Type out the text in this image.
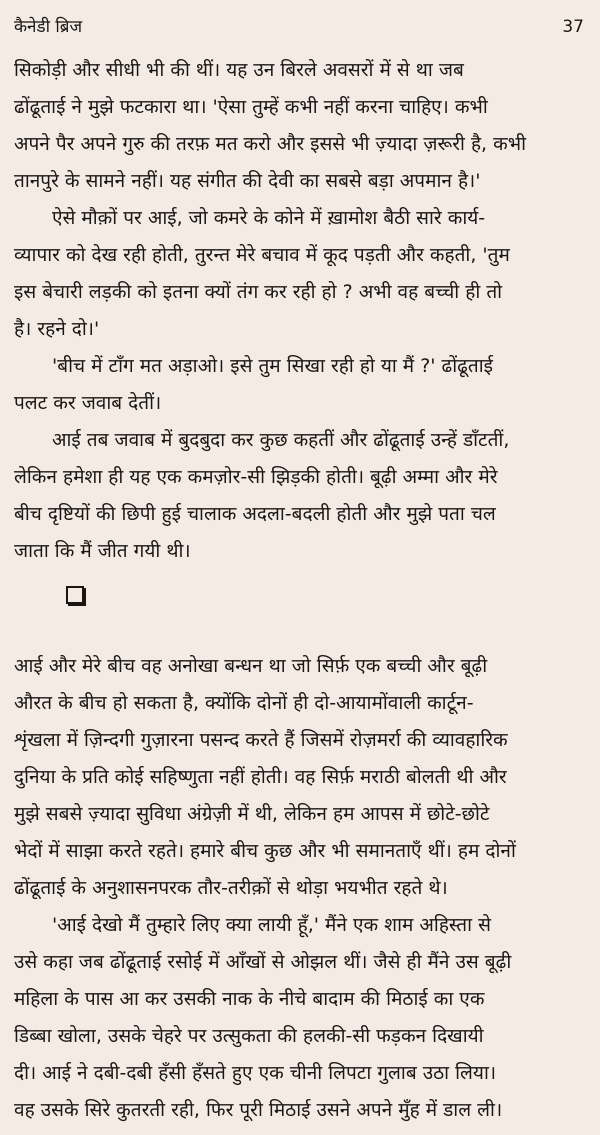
कैनेडी ब्रिज	37
सिकोड़ी और सीधी भी की थीं। यह उन बिरले अवसरों में से था जब
ढोंढूताई ने मुझे फटकारा था। 'ऐसा तुम्हें कभी नहीं करना चाहिए। कभी
अपने पैर अपने गुरु की तरफ़ मत करो और इससे भी ज़्यादा ज़रूरी है, कभी
तानपुरे के सामने नहीं। यह संगीत की देवी का सबसे बड़ा अपमान है।'
ऐसे मौक़ों पर आई, जो कमरे के कोने में ख़ामोश बैठी सारे कार्य-
व्यापार को देख रही होती, तुरन्त मेरे बचाव में कूद पड़ती और कहती, 'तुम
इस बेचारी लड़की को इतना क्यों तंग कर रही हो ? अभी वह बच्ची ही तो
है। रहने दो।'
'बीच में टाँग मत अड़ाओ। इसे तुम सिखा रही हो या मैं ?' ढोंढूताई
पलट कर जवाब देतीं।
आई तब जवाब में बुदबुदा कर कुछ कहतीं और ढोंढूताई उन्हें डाँटतीं,
लेकिन हमेशा ही यह एक कमज़ोर-सी झिड़की होती। बूढ़ी अम्मा और मेरे
बीच दृष्टियों की छिपी हुई चालाक अदला-बदली होती और मुझे पता चल
जाता कि मैं जीत गयी थी।
आई और मेरे बीच वह अनोखा बन्धन था जो सिर्फ़ एक बच्ची और बूढ़ी
औरत के बीच हो सकता है, क्योंकि दोनों ही दो-आयामोंवाली कार्टून-
शृंखला में ज़िन्दगी गुज़ारना पसन्द करते हैं जिसमें रोज़मर्रा की व्यावहारिक
दुनिया के प्रति कोई सहिष्णुता नहीं होती। वह सिर्फ़ मराठी बोलती थी और
मुझे सबसे ज़्यादा सुविधा अंग्रेज़ी में थी, लेकिन हम आपस में छोटे-छोटे
भेदों में साझा करते रहते। हमारे बीच कुछ और भी समानताएँ थीं। हम दोनों
ढोंढूताई के अनुशासनपरक तौर-तरीक़ों से थोड़ा भयभीत रहते थे।
'आई देखो मैं तुम्हारे लिए क्या लायी हूँ,' मैंने एक शाम अहिस्ता से
उसे कहा जब ढोंढूताई रसोई में आँखों से ओझल थीं। जैसे ही मैंने उस बूढ़ी
महिला के पास आ कर उसकी नाक के नीचे बादाम की मिठाई का एक
डिब्बा खोला, उसके चेहरे पर उत्सुकता की हलकी-सी फड़कन दिखायी
दी। आई ने दबी-दबी हँसी हँसते हुए एक चीनी लिपटा गुलाब उठा लिया।
वह उसके सिरे कुतरती रही, फिर पूरी मिठाई उसने अपने मुँह में डाल ली।
